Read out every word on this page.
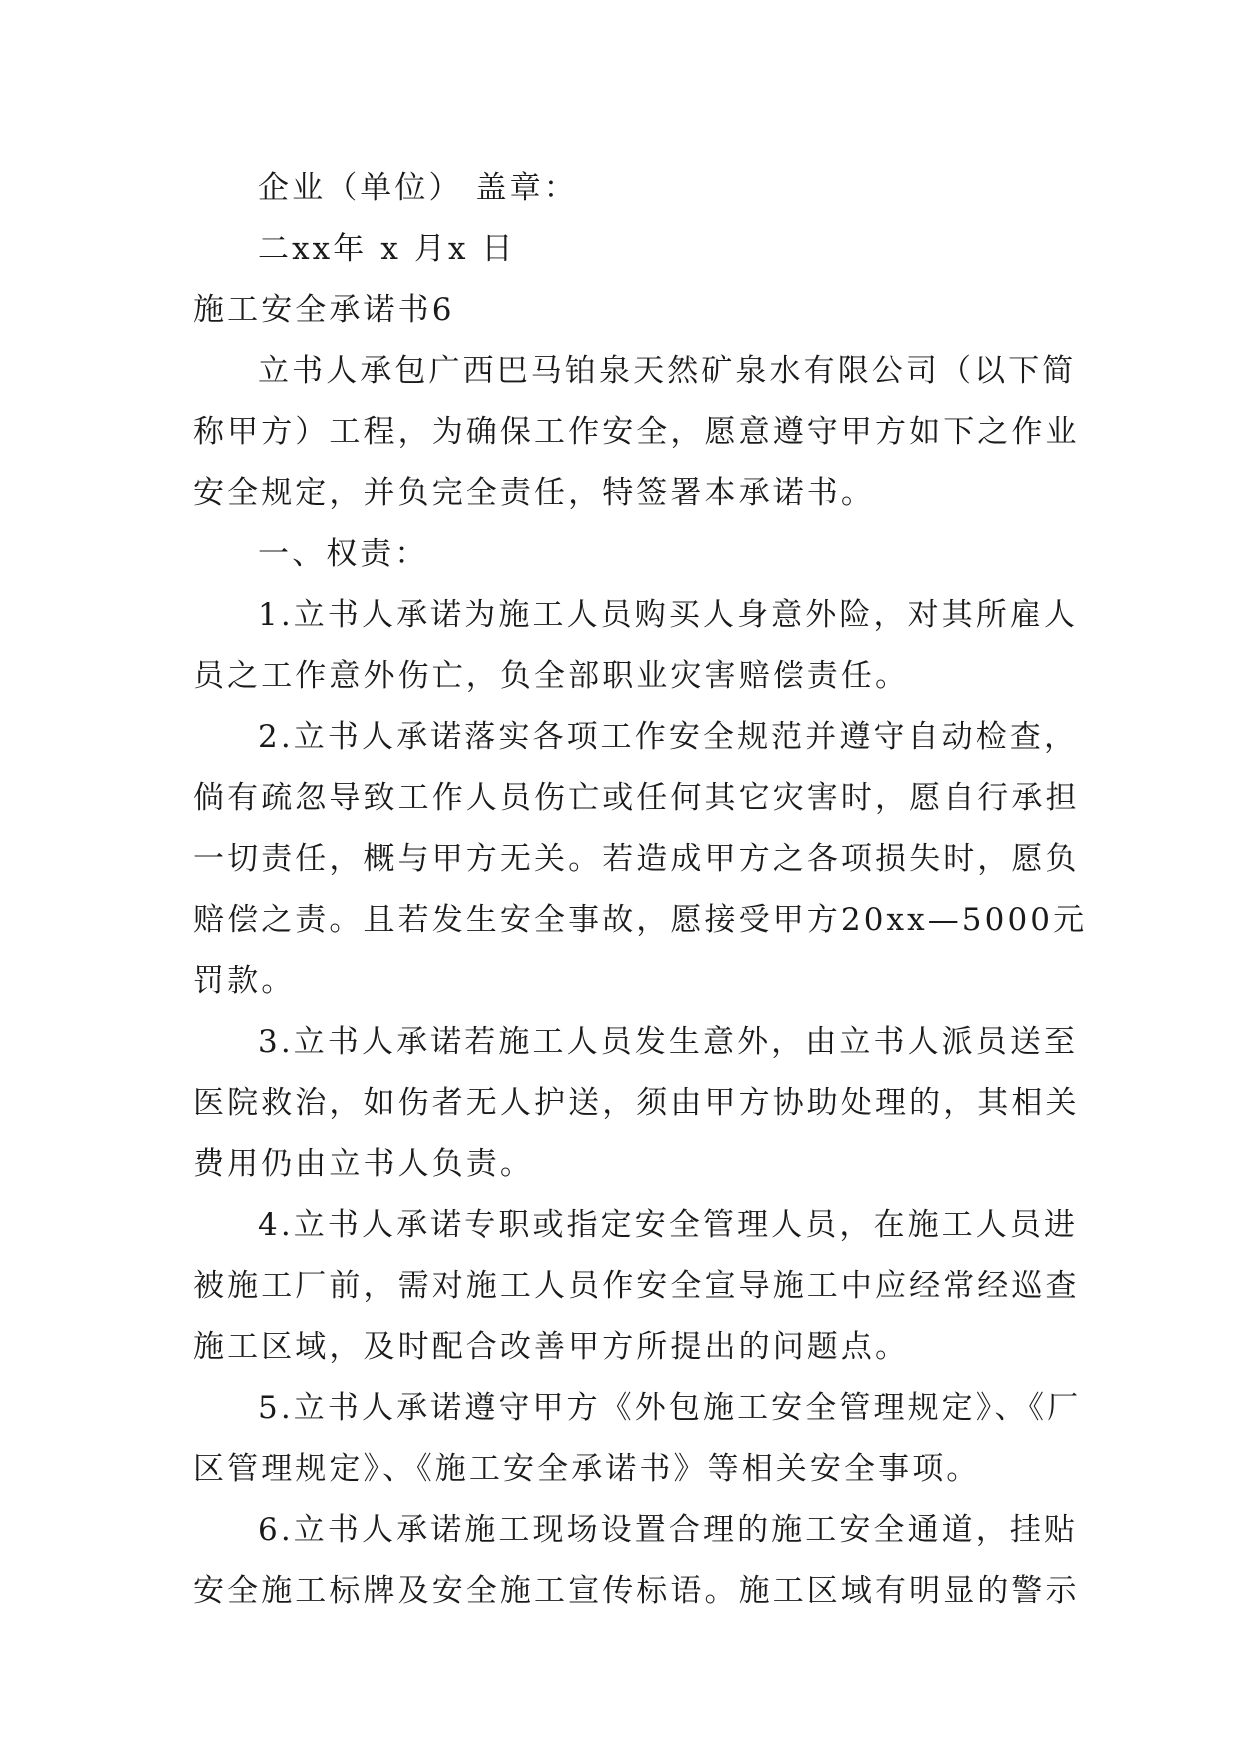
企业（单位） 盖章：
二xx年 x 月x 日
施工安全承诺书6
立书人承包广西巴马铂泉天然矿泉水有限公司（以下简
称甲方）工程，为确保工作安全，愿意遵守甲方如下之作业
安全规定，并负完全责任，特签署本承诺书。
一、权责：
1.立书人承诺为施工人员购买人身意外险，对其所雇人
员之工作意外伤亡，负全部职业灾害赔偿责任。
2.立书人承诺落实各项工作安全规范并遵守自动检查，
倘有疏忽导致工作人员伤亡或任何其它灾害时，愿自行承担
一切责任，概与甲方无关。若造成甲方之各项损失时，愿负
赔偿之责。且若发生安全事故，愿接受甲方20xx—5000元
罚款。
3.立书人承诺若施工人员发生意外，由立书人派员送至
医院救治，如伤者无人护送，须由甲方协助处理的，其相关
费用仍由立书人负责。
4.立书人承诺专职或指定安全管理人员，在施工人员进
被施工厂前，需对施工人员作安全宣导施工中应经常经巡查
施工区域，及时配合改善甲方所提出的问题点。
5.立书人承诺遵守甲方《外包施工安全管理规定》、《厂
区管理规定》、《施工安全承诺书》等相关安全事项。
6.立书人承诺施工现场设置合理的施工安全通道，挂贴
安全施工标牌及安全施工宣传标语。施工区域有明显的警示
